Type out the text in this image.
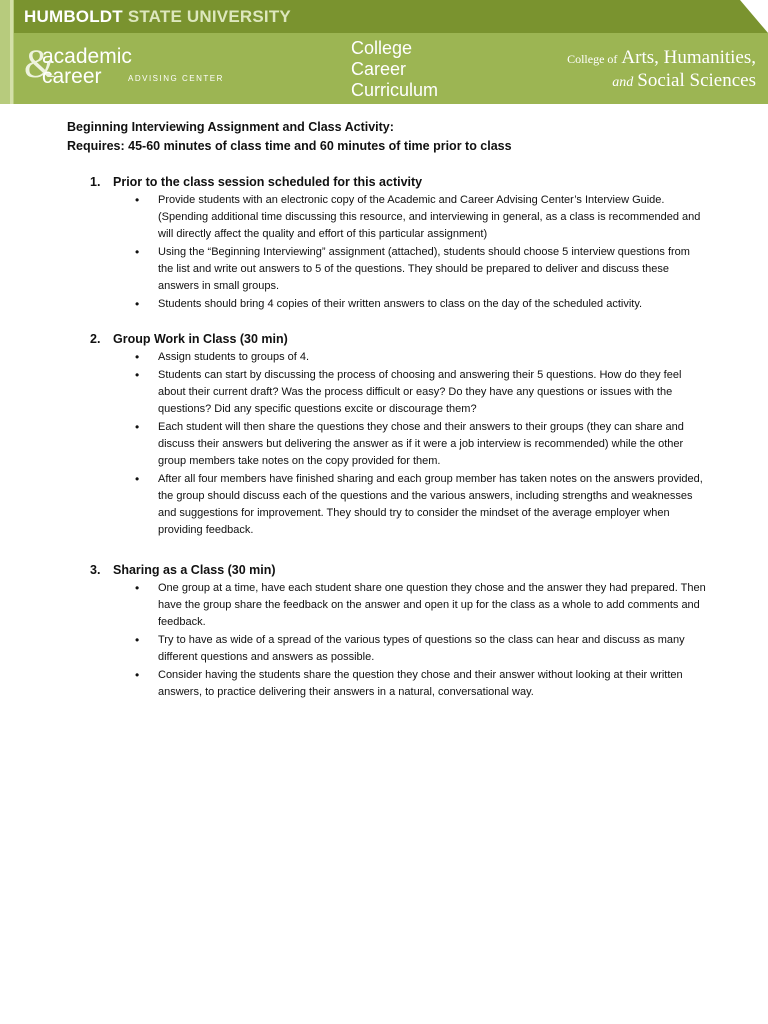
HUMBOLDT STATE UNIVERSITY
&
academic
career	ADVISING CENTER
College
Career
Curriculum
College of Arts, Humanities,
and Social Sciences
Beginning Interviewing Assignment and Class Activity:
Requires: 45-60 minutes of class time and 60 minutes of time prior to class
1. Prior to the class session scheduled for this activity
• Provide students with an electronic copy of the Academic and Career Advising Center’s Interview Guide. (Spending additional time discussing this resource, and interviewing in general, as a class is recommended and will directly affect the quality and effort of this particular assignment)
• Using the “Beginning Interviewing” assignment (attached), students should choose 5 interview questions from the list and write out answers to 5 of the questions. They should be prepared to deliver and discuss these answers in small groups.
• Students should bring 4 copies of their written answers to class on the day of the scheduled activity.
2. Group Work in Class (30 min)
• Assign students to groups of 4.
• Students can start by discussing the process of choosing and answering their 5 questions. How do they feel about their current draft? Was the process difficult or easy? Do they have any questions or issues with the questions? Did any specific questions excite or discourage them?
• Each student will then share the questions they chose and their answers to their groups (they can share and discuss their answers but delivering the answer as if it were a job interview is recommended) while the other group members take notes on the copy provided for them.
• After all four members have finished sharing and each group member has taken notes on the answers provided, the group should discuss each of the questions and the various answers, including strengths and weaknesses and suggestions for improvement. They should try to consider the mindset of the average employer when providing feedback.
3. Sharing as a Class (30 min)
• One group at a time, have each student share one question they chose and the answer they had prepared. Then have the group share the feedback on the answer and open it up for the class as a whole to add comments and feedback.
• Try to have as wide of a spread of the various types of questions so the class can hear and discuss as many different questions and answers as possible.
• Consider having the students share the question they chose and their answer without looking at their written answers, to practice delivering their answers in a natural, conversational way.
